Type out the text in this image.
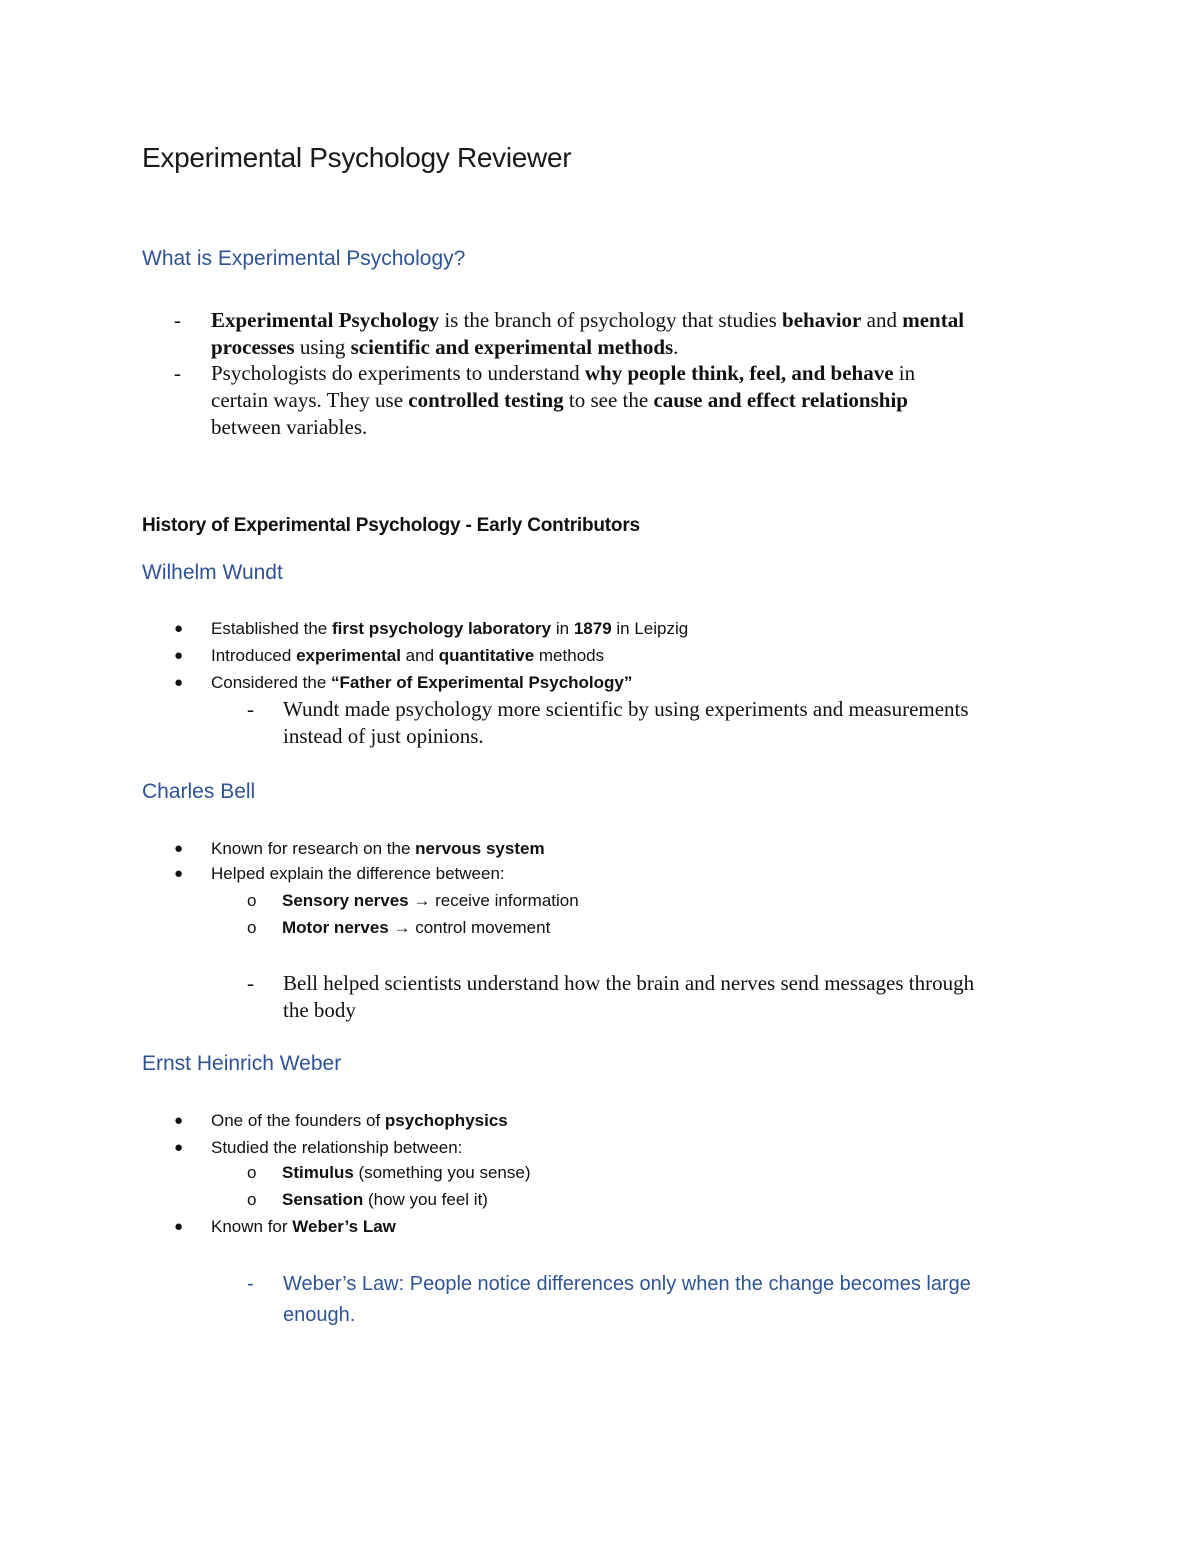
Experimental Psychology Reviewer
What is Experimental Psychology?
- Experimental Psychology is the branch of psychology that studies behavior and mental
processes using scientific and experimental methods.
- Psychologists do experiments to understand why people think, feel, and behave in
certain ways. They use controlled testing to see the cause and effect relationship
between variables.
History of Experimental Psychology - Early Contributors
Wilhelm Wundt
● Established the first psychology laboratory in 1879 in Leipzig
● Introduced experimental and quantitative methods
● Considered the “Father of Experimental Psychology”
- Wundt made psychology more scientific by using experiments and measurements
instead of just opinions.
Charles Bell
● Known for research on the nervous system
● Helped explain the difference between:
o Sensory nerves → receive information
o Motor nerves → control movement
- Bell helped scientists understand how the brain and nerves send messages through
the body
Ernst Heinrich Weber
● One of the founders of psychophysics
● Studied the relationship between:
o Stimulus (something you sense)
o Sensation (how you feel it)
● Known for Weber’s Law
- Weber’s Law: People notice differences only when the change becomes large
enough.
